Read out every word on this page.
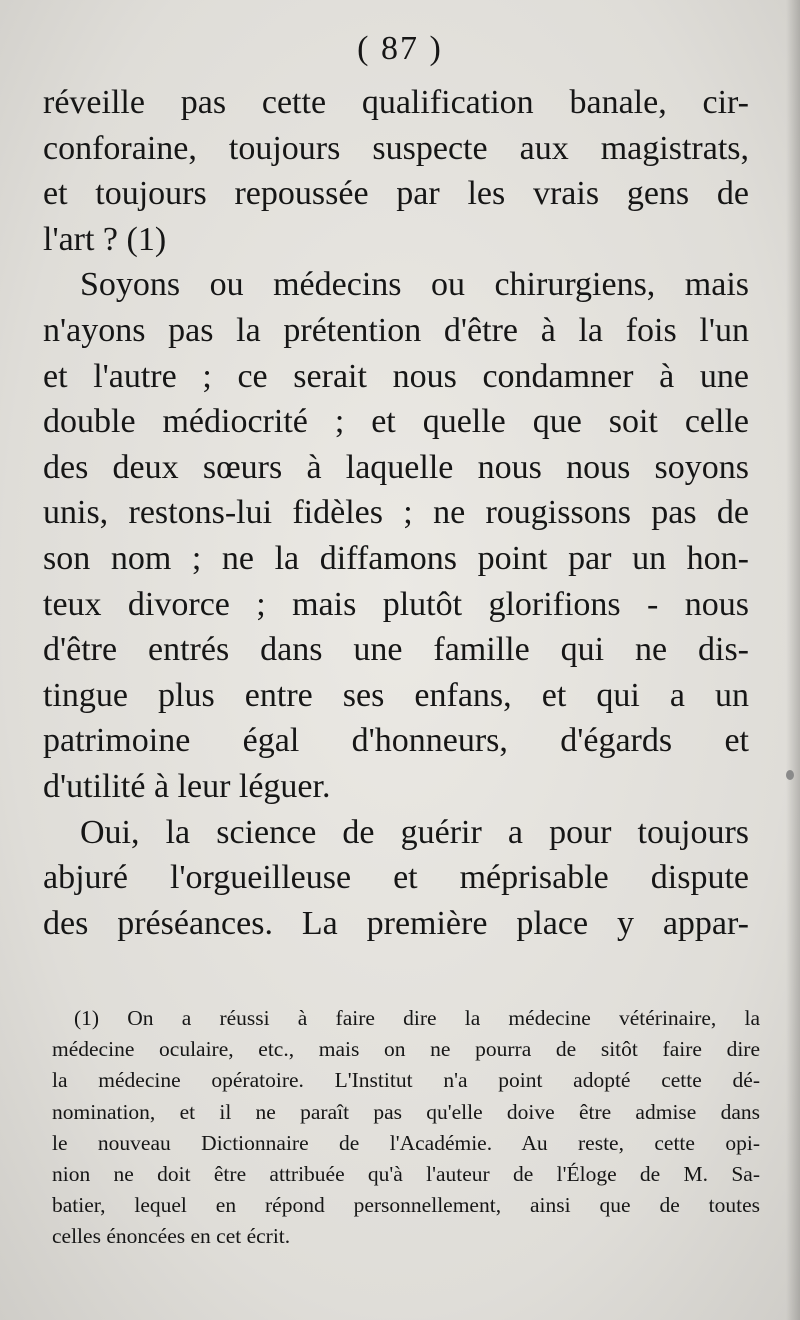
( 87 )
réveille pas cette qualification banale, cir-
conforaine, toujours suspecte aux magistrats,
et toujours repoussée par les vrais gens de
l'art ? (1)
Soyons ou médecins ou chirurgiens, mais
n'ayons pas la prétention d'être à la fois l'un
et l'autre ; ce serait nous condamner à une
double médiocrité ; et quelle que soit celle
des deux sœurs à laquelle nous nous soyons
unis, restons-lui fidèles ; ne rougissons pas de
son nom ; ne la diffamons point par un hon-
teux divorce ; mais plutôt glorifions - nous
d'être entrés dans une famille qui ne dis-
tingue plus entre ses enfans, et qui a un
patrimoine égal d'honneurs, d'égards et
d'utilité à leur léguer.
Oui, la science de guérir a pour toujours
abjuré l'orgueilleuse et méprisable dispute
des préséances. La première place y appar-
(1) On a réussi à faire dire la médecine vétérinaire, la
médecine oculaire, etc., mais on ne pourra de sitôt faire dire
la médecine opératoire. L'Institut n'a point adopté cette dé-
nomination, et il ne paraît pas qu'elle doive être admise dans
le nouveau Dictionnaire de l'Académie. Au reste, cette opi-
nion ne doit être attribuée qu'à l'auteur de l'Éloge de M. Sa-
batier, lequel en répond personnellement, ainsi que de toutes
celles énoncées en cet écrit.
